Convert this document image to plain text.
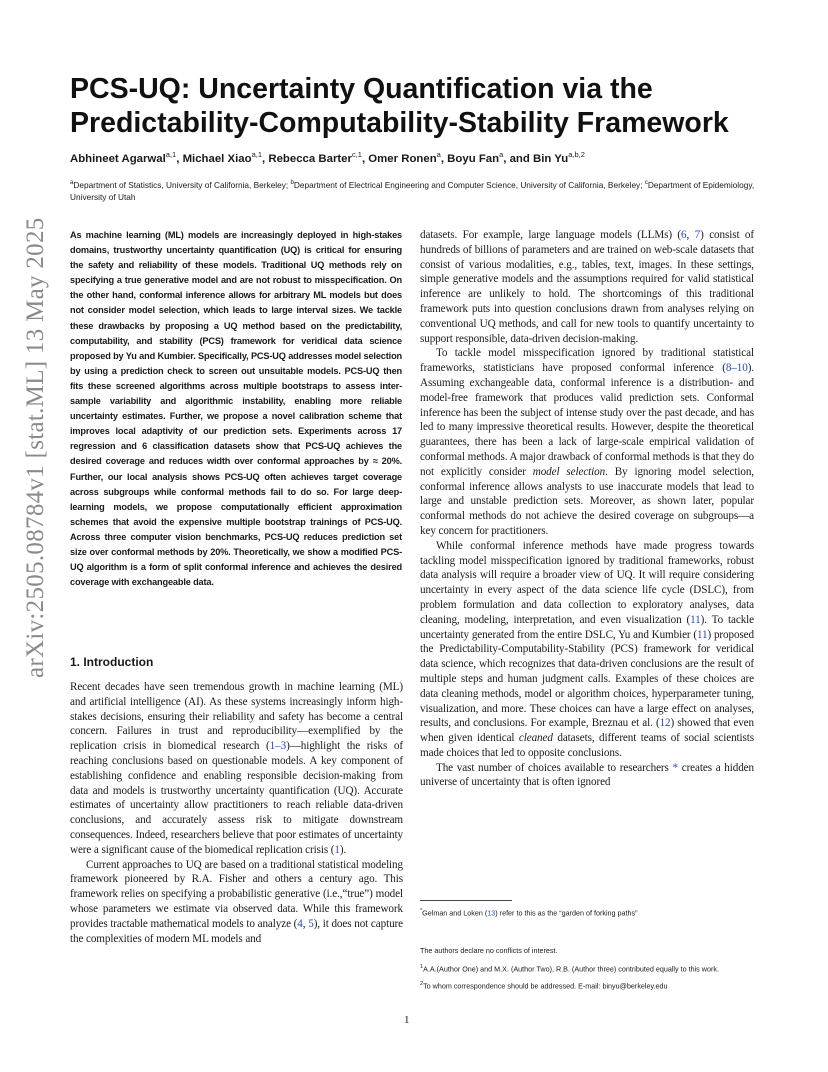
arXiv:2505.08784v1 [stat.ML] 13 May 2025
PCS-UQ: Uncertainty Quantification via the Predictability-Computability-Stability Framework
Abhineet Agarwal$^{a,1}$, Michael Xiao$^{a,1}$, Rebecca Barter$^{c,1}$, Omer Ronen$^a$, Boyu Fan$^a$, and Bin Yu$^{a,b,2}$
$^a$Department of Statistics, University of California, Berkeley; $^b$Department of Electrical Engineering and Computer Science, University of California, Berkeley; $^c$Department of Epidemiology, University of Utah

As machine learning (ML) models are increasingly deployed in high-stakes domains, trustworthy uncertainty quantification (UQ) is critical for ensuring the safety and reliability of these models. Traditional UQ methods rely on specifying a true generative model and are not robust to misspecification. On the other hand, conformal inference allows for arbitrary ML models but does not consider model selection, which leads to large interval sizes. We tackle these drawbacks by proposing a UQ method based on the predictability, computability, and stability (PCS) framework for veridical data science proposed by Yu and Kumbier. Specifically, PCS-UQ addresses model selection by using a prediction check to screen out unsuitable models. PCS-UQ then fits these screened algorithms across multiple bootstraps to assess inter-sample variability and algorithmic instability, enabling more reliable uncertainty estimates. Further, we propose a novel calibration scheme that improves local adaptivity of our prediction sets. Experiments across 17 regression and 6 classification datasets show that PCS-UQ achieves the desired coverage and reduces width over conformal approaches by ≈ 20%. Further, our local analysis shows PCS-UQ often achieves target coverage across subgroups while conformal methods fail to do so. For large deep-learning models, we propose computationally efficient approximation schemes that avoid the expensive multiple bootstrap trainings of PCS-UQ. Across three computer vision benchmarks, PCS-UQ reduces prediction set size over conformal methods by 20%. Theoretically, we show a modified PCS-UQ algorithm is a form of split conformal inference and achieves the desired coverage with exchangeable data.

1. Introduction

Recent decades have seen tremendous growth in machine learning (ML) and artificial intelligence (AI). As these systems increasingly inform high-stakes decisions, ensuring their reliability and safety has become a central concern. Failures in trust and reproducibility—exemplified by the replication crisis in biomedical research (1–3)—highlight the risks of reaching conclusions based on questionable models. A key component of establishing confidence and enabling responsible decision-making from data and models is trustworthy uncertainty quantification (UQ). Accurate estimates of uncertainty allow practitioners to reach reliable data-driven conclusions, and accurately assess risk to mitigate downstream consequences. Indeed, researchers believe that poor estimates of uncertainty were a significant cause of the biomedical replication crisis (1).

Current approaches to UQ are based on a traditional statistical modeling framework pioneered by R.A. Fisher and others a century ago. This framework relies on specifying a probabilistic generative (i.e.,“true”) model whose parameters we estimate via observed data. While this framework provides tractable mathematical models to analyze (4, 5), it does not capture the complexities of modern ML models and

datasets. For example, large language models (LLMs) (6, 7) consist of hundreds of billions of parameters and are trained on web-scale datasets that consist of various modalities, e.g., tables, text, images. In these settings, simple generative models and the assumptions required for valid statistical inference are unlikely to hold. The shortcomings of this traditional framework puts into question conclusions drawn from analyses relying on conventional UQ methods, and call for new tools to quantify uncertainty to support responsible, data-driven decision-making.

To tackle model misspecification ignored by traditional statistical frameworks, statisticians have proposed conformal inference (8–10). Assuming exchangeable data, conformal inference is a distribution- and model-free framework that produces valid prediction sets. Conformal inference has been the subject of intense study over the past decade, and has led to many impressive theoretical results. However, despite the theoretical guarantees, there has been a lack of large-scale empirical validation of conformal methods. A major drawback of conformal methods is that they do not explicitly consider model selection. By ignoring model selection, conformal inference allows analysts to use inaccurate models that lead to large and unstable prediction sets. Moreover, as shown later, popular conformal methods do not achieve the desired coverage on subgroups—a key concern for practitioners.

While conformal inference methods have made progress towards tackling model misspecification ignored by traditional frameworks, robust data analysis will require a broader view of UQ. It will require considering uncertainty in every aspect of the data science life cycle (DSLC), from problem formulation and data collection to exploratory analyses, data cleaning, modeling, interpretation, and even visualization (11). To tackle uncertainty generated from the entire DSLC, Yu and Kumbier (11) proposed the Predictability-Computability-Stability (PCS) framework for veridical data science, which recognizes that data-driven conclusions are the result of multiple steps and human judgment calls. Examples of these choices are data cleaning methods, model or algorithm choices, hyperparameter tuning, visualization, and more. These choices can have a large effect on analyses, results, and conclusions. For example, Breznau et al. (12) showed that even when given identical cleaned datasets, different teams of social scientists made choices that led to opposite conclusions.

The vast number of choices available to researchers * creates a hidden universe of uncertainty that is often ignored

*Gelman and Loken (13) refer to this as the “garden of forking paths”
The authors declare no conflicts of interest.
$^1$A.A.(Author One) and M.X. (Author Two), R.B. (Author three) contributed equally to this work.
$^2$To whom correspondence should be addressed. E-mail: binyu@berkeley.edu
1
